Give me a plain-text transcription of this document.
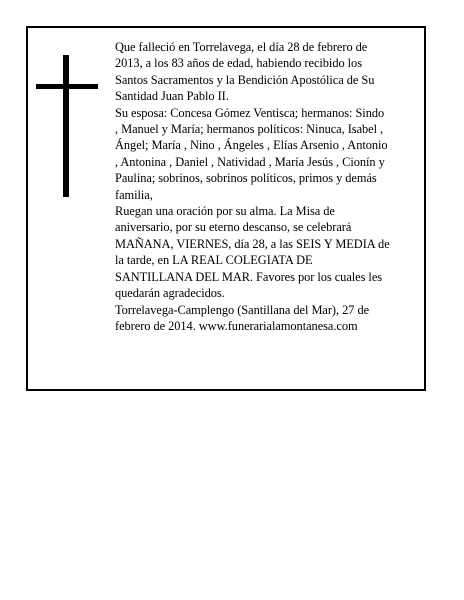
Que falleció en Torrelavega, el día 28 de febrero de
2013, a los 83 años de edad, habiendo recibido los
Santos Sacramentos y la Bendición Apostólica de Su
Santidad Juan Pablo II.
Su esposa: Concesa Gómez Ventisca; hermanos: Sindo
, Manuel y María; hermanos políticos: Ninuca, Isabel ,
Ángel; María , Nino , Ángeles , Elías Arsenio , Antonio
, Antonina , Daniel , Natividad , María Jesús , Cionín y
Paulina; sobrinos, sobrinos políticos, primos y demás
familia,
Ruegan una oración por su alma. La Misa de
aniversario, por su eterno descanso, se celebrará
MAÑANA, VIERNES, día 28, a las SEIS Y MEDIA de
la tarde, en LA REAL COLEGIATA DE
SANTILLANA DEL MAR. Favores por los cuales les
quedarán agradecidos.
Torrelavega-Camplengo (Santillana del Mar), 27 de
febrero de 2014. www.funerarialamontanesa.com
